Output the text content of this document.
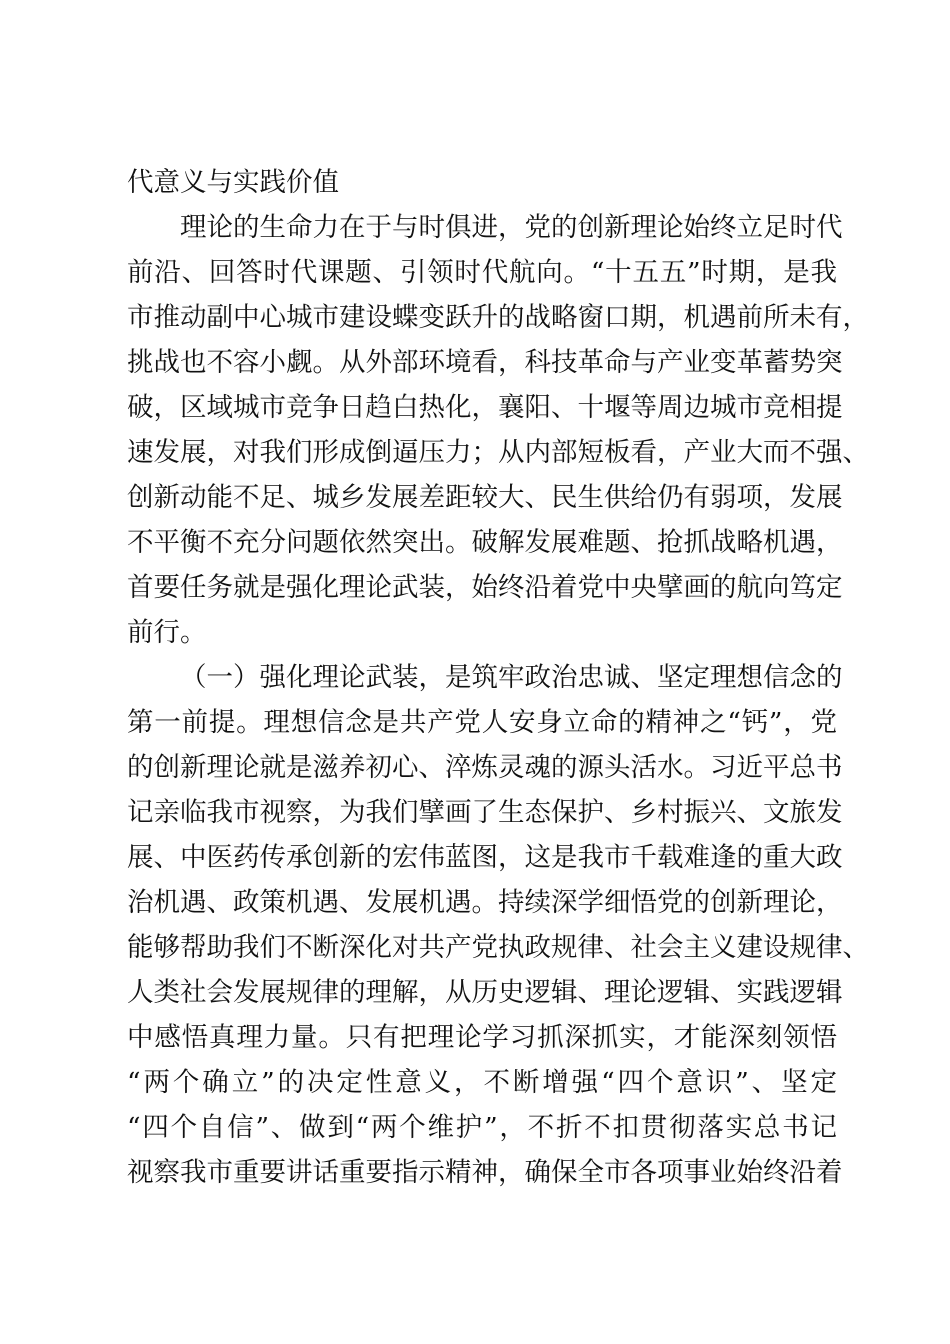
代意义与实践价值
理论的生命力在于与时俱进，党的创新理论始终立足时代
前沿、回答时代课题、引领时代航向。“十五五”时期，是我
市推动副中心城市建设蝶变跃升的战略窗口期，机遇前所未有，
挑战也不容小觑。从外部环境看，科技革命与产业变革蓄势突
破，区域城市竞争日趋白热化，襄阳、十堰等周边城市竞相提
速发展，对我们形成倒逼压力；从内部短板看，产业大而不强、
创新动能不足、城乡发展差距较大、民生供给仍有弱项，发展
不平衡不充分问题依然突出。破解发展难题、抢抓战略机遇，
首要任务就是强化理论武装，始终沿着党中央擘画的航向笃定
前行。
（一）强化理论武装，是筑牢政治忠诚、坚定理想信念的
第一前提。理想信念是共产党人安身立命的精神之“钙”，党
的创新理论就是滋养初心、淬炼灵魂的源头活水。习近平总书
记亲临我市视察，为我们擘画了生态保护、乡村振兴、文旅发
展、中医药传承创新的宏伟蓝图，这是我市千载难逢的重大政
治机遇、政策机遇、发展机遇。持续深学细悟党的创新理论，
能够帮助我们不断深化对共产党执政规律、社会主义建设规律、
人类社会发展规律的理解，从历史逻辑、理论逻辑、实践逻辑
中感悟真理力量。只有把理论学习抓深抓实，才能深刻领悟
“两个确立”的决定性意义，不断增强“四个意识”、坚定
“四个自信”、做到“两个维护”，不折不扣贯彻落实总书记
视察我市重要讲话重要指示精神，确保全市各项事业始终沿着
